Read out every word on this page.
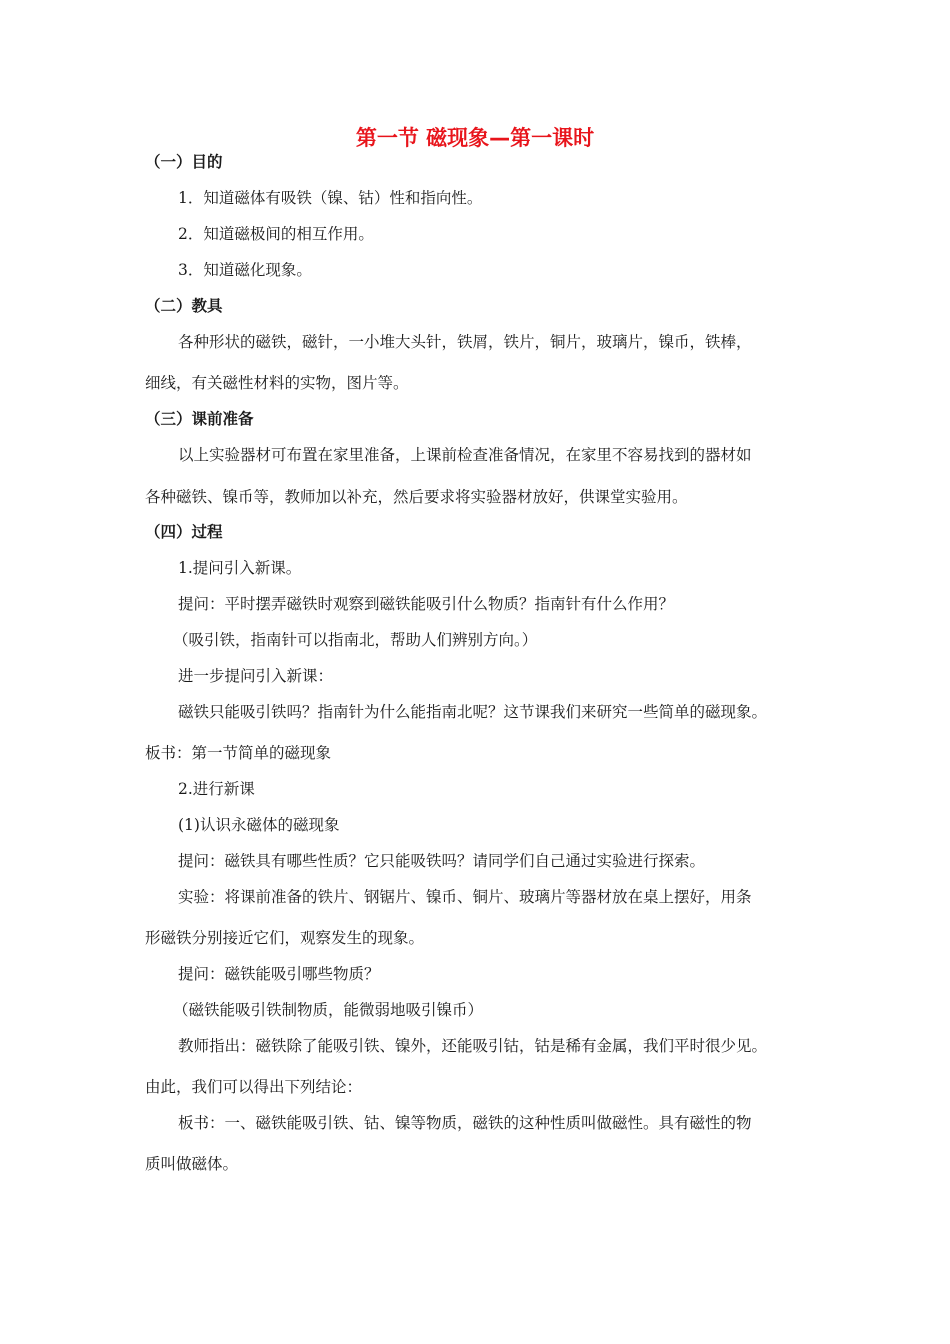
第一节 磁现象—第一课时
（一）目的
1．知道磁体有吸铁（镍、钴）性和指向性。
2．知道磁极间的相互作用。
3．知道磁化现象。
（二）教具
各种形状的磁铁，磁针，一小堆大头针，铁屑，铁片，铜片，玻璃片，镍币，铁棒，
细线，有关磁性材料的实物，图片等。
（三）课前准备
以上实验器材可布置在家里准备，上课前检查准备情况，在家里不容易找到的器材如
各种磁铁、镍币等，教师加以补充，然后要求将实验器材放好，供课堂实验用。
（四）过程
1.提问引入新课。
提问：平时摆弄磁铁时观察到磁铁能吸引什么物质？指南针有什么作用？
（吸引铁，指南针可以指南北，帮助人们辨别方向。）
进一步提问引入新课：
磁铁只能吸引铁吗？指南针为什么能指南北呢？这节课我们来研究一些简单的磁现象。
板书：第一节简单的磁现象
2.进行新课
(1)认识永磁体的磁现象
提问：磁铁具有哪些性质？它只能吸铁吗？请同学们自己通过实验进行探索。
实验：将课前准备的铁片、钢锯片、镍币、铜片、玻璃片等器材放在桌上摆好，用条
形磁铁分别接近它们，观察发生的现象。
提问：磁铁能吸引哪些物质？
（磁铁能吸引铁制物质，能微弱地吸引镍币）
教师指出：磁铁除了能吸引铁、镍外，还能吸引钴，钴是稀有金属，我们平时很少见。
由此，我们可以得出下列结论：
板书：一、磁铁能吸引铁、钴、镍等物质，磁铁的这种性质叫做磁性。具有磁性的物
质叫做磁体。
